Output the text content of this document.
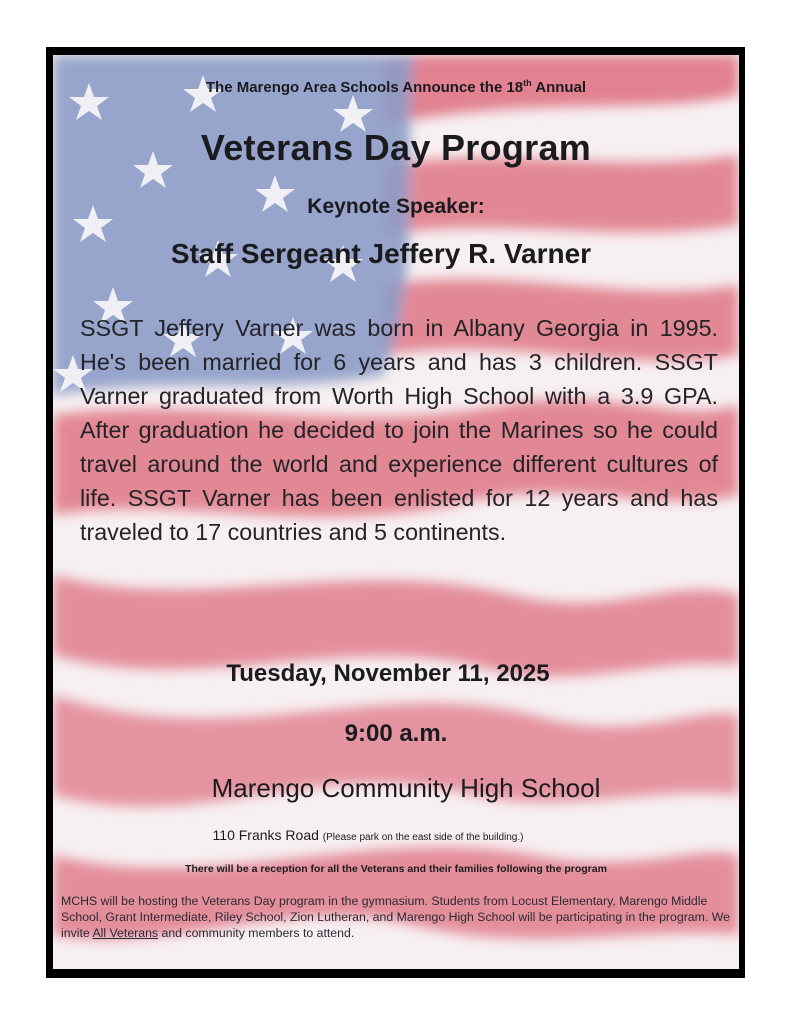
The Marengo Area Schools Announce the 18th Annual
Veterans Day Program
Keynote Speaker:
Staff Sergeant Jeffery R. Varner
SSGT Jeffery Varner was born in Albany Georgia in 1995. He's been married for 6 years and has 3 children. SSGT Varner graduated from Worth High School with a 3.9 GPA. After graduation he decided to join the Marines so he could travel around the world and experience different cultures of life. SSGT Varner has been enlisted for 12 years and has traveled to 17 countries and 5 continents.
Tuesday, November 11, 2025
9:00 a.m.
Marengo Community High School
110 Franks Road (Please park on the east side of the building.)
There will be a reception for all the Veterans and their families following the program
MCHS will be hosting the Veterans Day program in the gymnasium. Students from Locust Elementary, Marengo Middle School, Grant Intermediate, Riley School, Zion Lutheran, and Marengo High School will be participating in the program. We invite All Veterans and community members to attend.
